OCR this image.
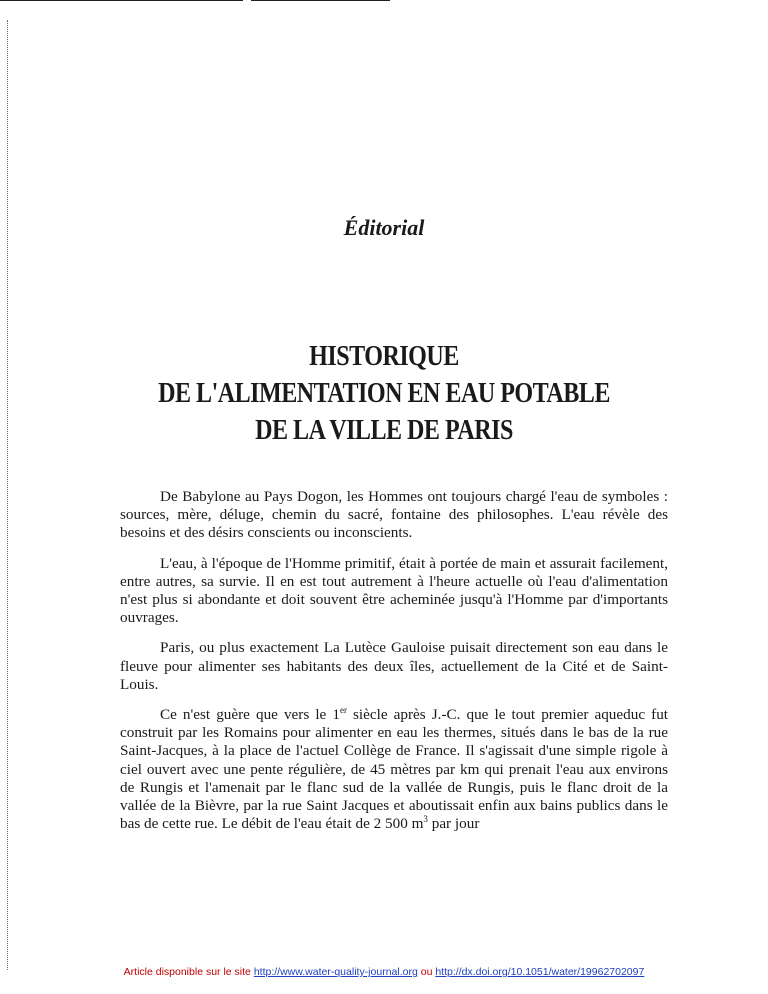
Éditorial
HISTORIQUE
DE L'ALIMENTATION EN EAU POTABLE
DE LA VILLE DE PARIS

De Babylone au Pays Dogon, les Hommes ont toujours chargé l'eau de symboles : sources, mère, déluge, chemin du sacré, fontaine des philosophes. L'eau révèle des besoins et des désirs conscients ou inconscients.

L'eau, à l'époque de l'Homme primitif, était à portée de main et assurait facilement, entre autres, sa survie. Il en est tout autrement à l'heure actuelle où l'eau d'alimentation n'est plus si abondante et doit souvent être acheminée jusqu'à l'Homme par d'importants ouvrages.

Paris, ou plus exactement La Lutèce Gauloise puisait directement son eau dans le fleuve pour alimenter ses habitants des deux îles, actuellement de la Cité et de Saint-Louis.

Ce n'est guère que vers le 1er siècle après J.-C. que le tout premier aqueduc fut construit par les Romains pour alimenter en eau les thermes, situés dans le bas de la rue Saint-Jacques, à la place de l'actuel Collège de France. Il s'agissait d'une simple rigole à ciel ouvert avec une pente régulière, de 45 mètres par km qui prenait l'eau aux environs de Rungis et l'amenait par le flanc sud de la vallée de Rungis, puis le flanc droit de la vallée de la Bièvre, par la rue Saint Jacques et aboutissait enfin aux bains publics dans le bas de cette rue. Le débit de l'eau était de 2 500 $m^3$ par jour

Article disponible sur le site http://www.water-quality-journal.org ou http://dx.doi.org/10.1051/water/19962702097
